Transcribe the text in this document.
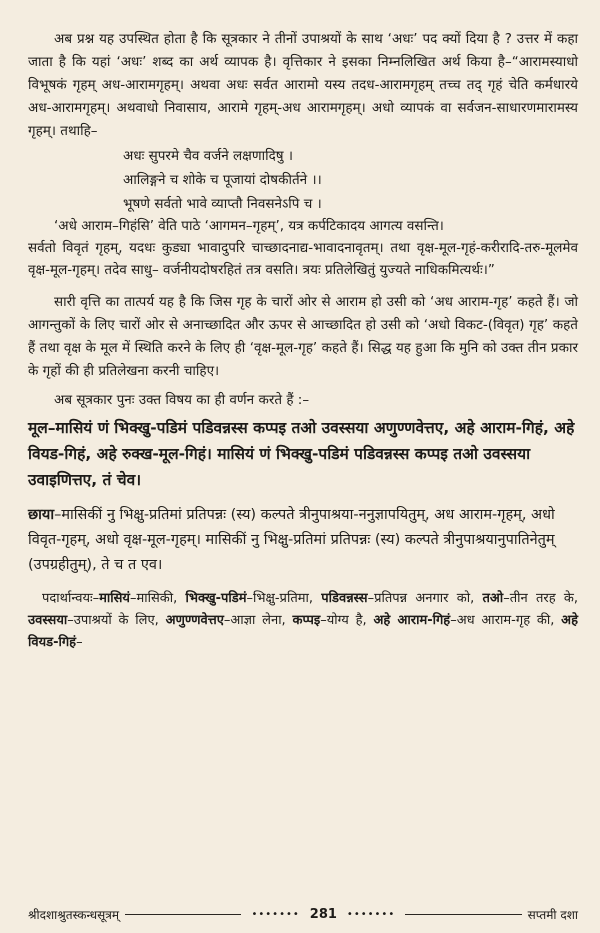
अब प्रश्न यह उपस्थित होता है कि सूत्रकार ने तीनों उपाश्रयों के साथ ‘अधः’ पद क्यों दिया है ? उत्तर में कहा जाता है कि यहां ‘अधः’ शब्द का अर्थ व्यापक है। वृत्तिकार ने इसका निम्नलिखित अर्थ किया है–“आरामस्याधो विभूषकं गृहम् अध-आरामगृहम्। अथवा अधः सर्वत आरामो यस्य तदध-आरामगृहम् तच्च तद् गृहं चेति कर्मधारये अध-आरामगृहम्। अथवाधो निवासाय, आरामे गृहम्-अध आरामगृहम्। अधो व्यापकं वा सर्वजन-साधारणमारामस्य गृहम्। तथाहि–

अधः सुपरमे चैव वर्जने लक्षणादिषु ।

आलिङ्गने च शोके च पूजायां दोषकीर्तने ।।

भूषणे सर्वतो भावे व्याप्तौ निवसनेऽपि च ।

‘अधे आराम–गिहंसि’ वेति पाठे ‘आगमन–गृहम्’, यत्र कर्पटिकादय आगत्य वसन्ति।

सर्वतो विवृतं गृहम्, यदधः कुड्या भावादुपरि चाच्छादनाद्य-भावादनावृतम्। तथा वृक्ष-मूल-गृहं-करीरादि-तरु-मूलमेव वृक्ष-मूल-गृहम्। तदेव साधु– वर्जनीयदोषरहितं तत्र वसति। त्रयः प्रतिलेखितुं युज्यते नाधिकमित्यर्थः।”

सारी वृत्ति का तात्पर्य यह है कि जिस गृह के चारों ओर से आराम हो उसी को ‘अध आराम-गृह’ कहते हैं। जो आगन्तुकों के लिए चारों ओर से अनाच्छादित और ऊपर से आच्छादित हो उसी को ‘अधो विकट-(विवृत) गृह’ कहते हैं तथा वृक्ष के मूल में स्थिति करने के लिए ही ‘वृक्ष-मूल-गृह’ कहते हैं। सिद्ध यह हुआ कि मुनि को उक्त तीन प्रकार के गृहों की ही प्रतिलेखना करनी चाहिए।

अब सूत्रकार पुनः उक्त विषय का ही वर्णन करते हैं :–

मूल–मासियं णं भिक्खु-पडिमं पडिवन्नस्स कप्पइ तओ उवस्सया अणुण्णवेत्तए, अहे आराम-गिहं, अहे वियड-गिहं, अहे रुक्ख-मूल-गिहं। मासियं णं भिक्खु-पडिमं पडिवन्नस्स कप्पइ तओ उवस्सया उवाइणित्तए, तं चेव।

छाया–मासिकीं नु भिक्षु-प्रतिमां प्रतिपन्नः (स्य) कल्पते त्रीनुपाश्रया-ननुज्ञापयितुम्, अध आराम-गृहम्, अधो विवृत-गृहम्, अधो वृक्ष-मूल-गृहम्। मासिकीं नु भिक्षु-प्रतिमां प्रतिपन्नः (स्य) कल्पते त्रीनुपाश्रयानुपातिनेतुम् (उपग्रहीतुम्), ते च त एव।

पदार्थान्वयः–मासियं–मासिकी, भिक्खु-पडिमं–भिक्षु-प्रतिमा, पडिवन्नस्स–प्रतिपन्न अनगार को, तओ–तीन तरह के, उवस्सया–उपाश्रयों के लिए, अणुण्णवेत्तए–आज्ञा लेना, कप्पइ–योग्य है, अहे आराम-गिहं–अध आराम-गृह की, अहे वियड-गिहं–

श्रीदशाश्रुतस्कन्धसूत्रम्	••••••• 281 •••••••	सप्तमी दशा
